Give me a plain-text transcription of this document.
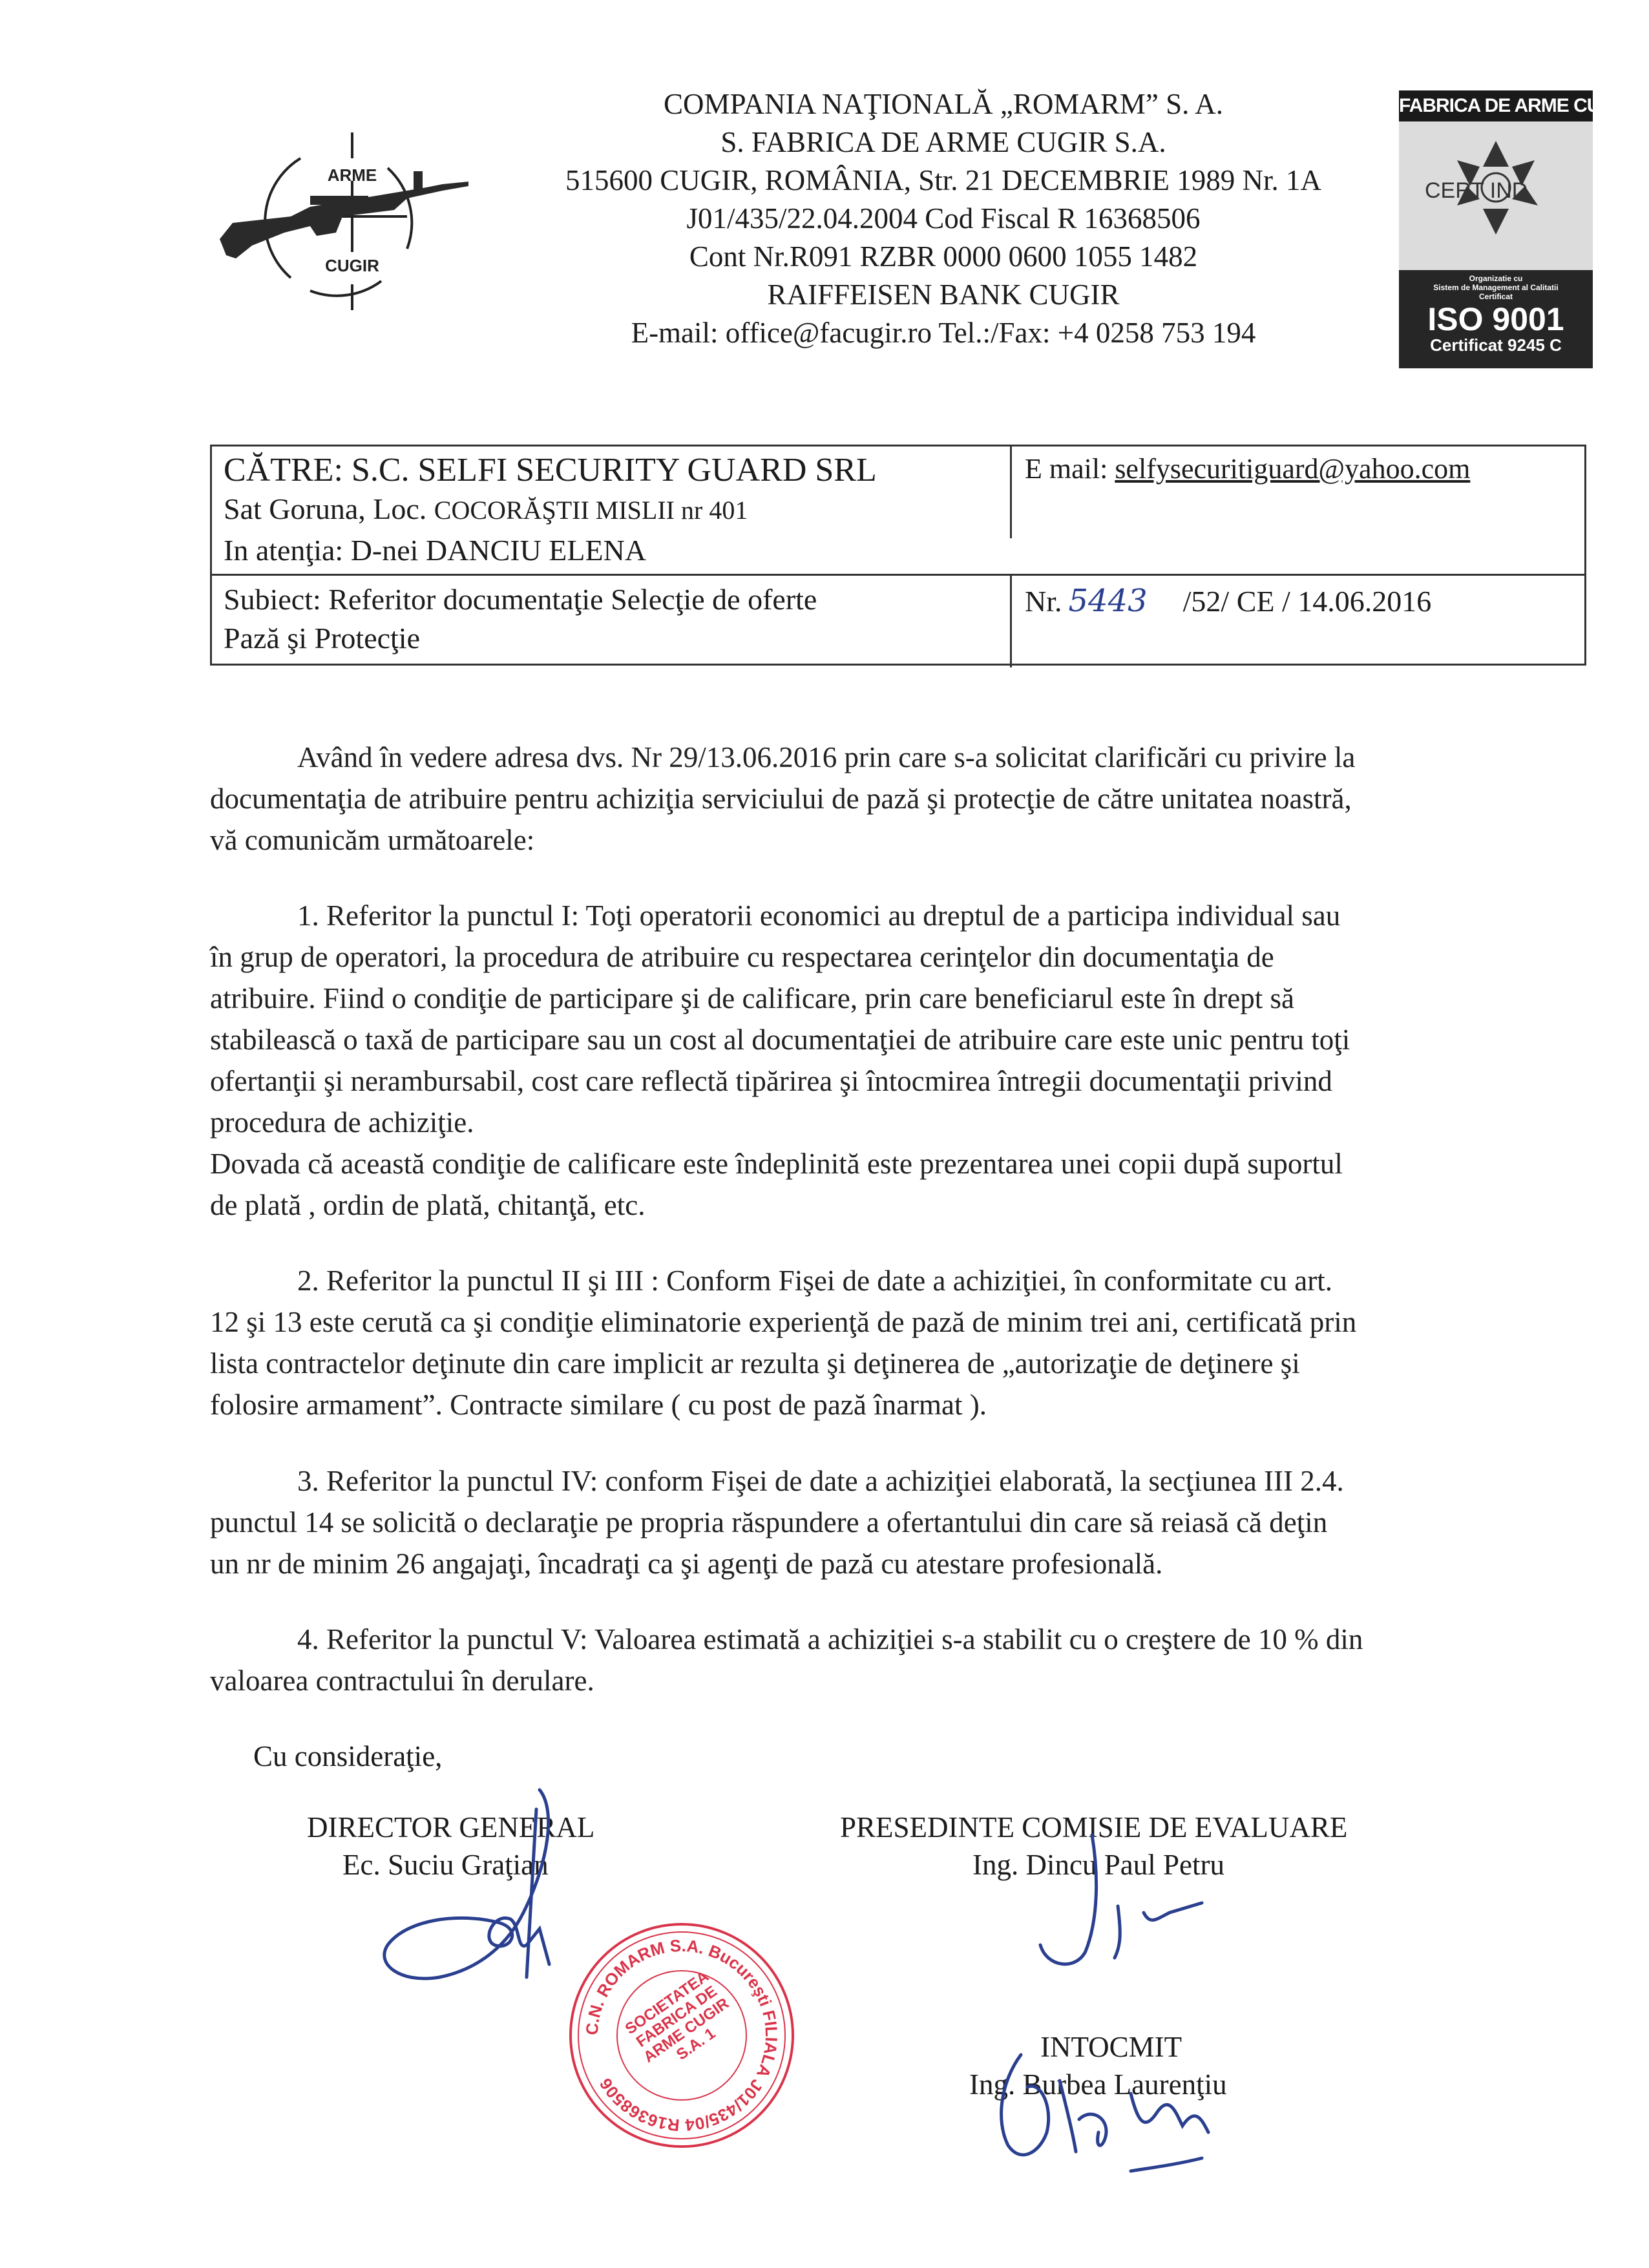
ARME
CUGIR
COMPANIA NAŢIONALĂ „ROMARM” S. A.
S. FABRICA DE ARME CUGIR S.A.
515600 CUGIR, ROMÂNIA, Str. 21 DECEMBRIE 1989 Nr. 1A
J01/435/22.04.2004 Cod Fiscal R 16368506
Cont Nr.R091 RZBR 0000 0600 1055 1482
RAIFFEISEN BANK CUGIR
E-mail: office@facugir.ro Tel.:/Fax: +4 0258 753 194
FABRICA DE ARME CUGIR
CERT IND
Organizatie cu
Sistem de Management al Calitatii
Certificat
ISO 9001
Certificat 9245 C
CĂTRE: S.C. SELFI SECURITY GUARD SRL
Sat Goruna, Loc. COCORĂŞTII MISLII nr 401
In atenţia: D-nei DANCIU ELENA
E mail: selfysecuritiguard@yahoo.com
Subiect: Referitor documentaţie Selecţie de oferte
Pază şi Protecţie
Nr. 5443 /52/ CE / 14.06.2016
Având în vedere adresa dvs. Nr 29/13.06.2016 prin care s-a solicitat clarificări cu privire la
documentaţia de atribuire pentru achiziţia serviciului de pază şi protecţie de către unitatea noastră,
vă comunicăm următoarele:
1. Referitor la punctul I: Toţi operatorii economici au dreptul de a participa individual sau
în grup de operatori, la procedura de atribuire cu respectarea cerinţelor din documentaţia de
atribuire. Fiind o condiţie de participare şi de calificare, prin care beneficiarul este în drept să
stabilească o taxă de participare sau un cost al documentaţiei de atribuire care este unic pentru toţi
ofertanţii şi nerambursabil, cost care reflectă tipărirea şi întocmirea întregii documentaţii privind
procedura de achiziţie.
Dovada că această condiţie de calificare este îndeplinită este prezentarea unei copii după suportul
de plată , ordin de plată, chitanţă, etc.
2. Referitor la punctul II şi III : Conform Fişei de date a achiziţiei, în conformitate cu art.
12 şi 13 este cerută ca şi condiţie eliminatorie experienţă de pază de minim trei ani, certificată prin
lista contractelor deţinute din care implicit ar rezulta şi deţinerea de „autorizaţie de deţinere şi
folosire armament”. Contracte similare ( cu post de pază înarmat ).
3. Referitor la punctul IV: conform Fişei de date a achiziţiei elaborată, la secţiunea III 2.4.
punctul 14 se solicită o declaraţie pe propria răspundere a ofertantului din care să reiasă că deţin
un nr de minim 26 angajaţi, încadraţi ca şi agenţi de pază cu atestare profesională.
4. Referitor la punctul V: Valoarea estimată a achiziţiei s-a stabilit cu o creştere de 10 % din
valoarea contractului în derulare.
Cu consideraţie,
DIRECTOR GENERAL
Ec. Suciu Graţian
PRESEDINTE COMISIE DE EVALUARE
Ing. Dincu Paul Petru
INTOCMIT
Ing. Burbea Laurenţiu
C.N. ROMARM S.A. Bucureşti FILIALA J01/435/04 R16368506
SOCIETATEA FABRICA DE ARME CUGIR S.A. 1
